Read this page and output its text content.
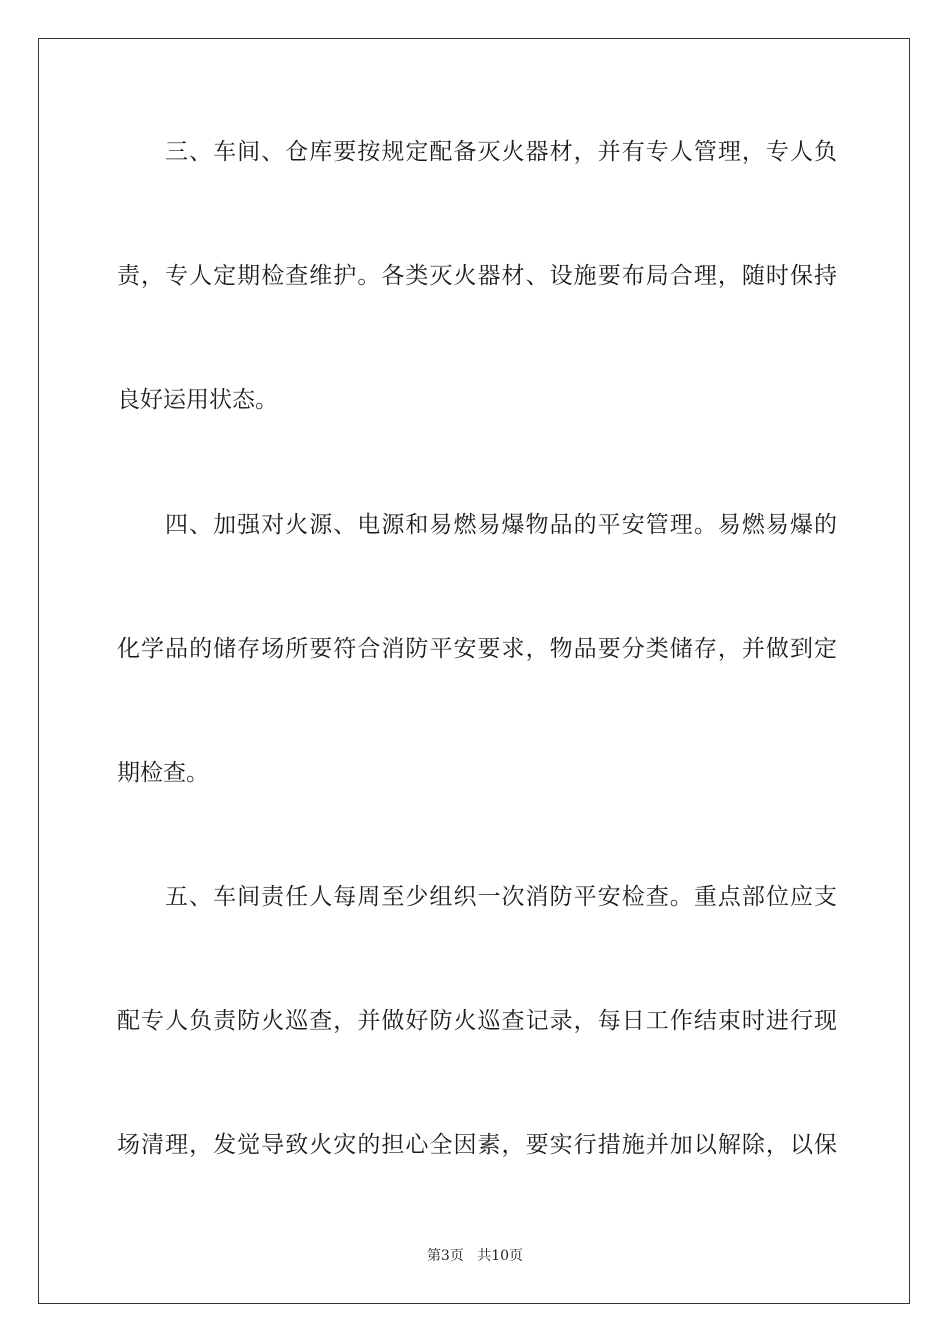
三、车间、仓库要按规定配备灭火器材，并有专人管理，专人负
责，专人定期检查维护。各类灭火器材、设施要布局合理，随时保持
良好运用状态。
四、加强对火源、电源和易燃易爆物品的平安管理。易燃易爆的
化学品的储存场所要符合消防平安要求，物品要分类储存，并做到定
期检查。
五、车间责任人每周至少组织一次消防平安检查。重点部位应支
配专人负责防火巡查，并做好防火巡查记录，每日工作结束时进行现
场清理，发觉导致火灾的担心全因素，要实行措施并加以解除，以保
第3页 共10页
